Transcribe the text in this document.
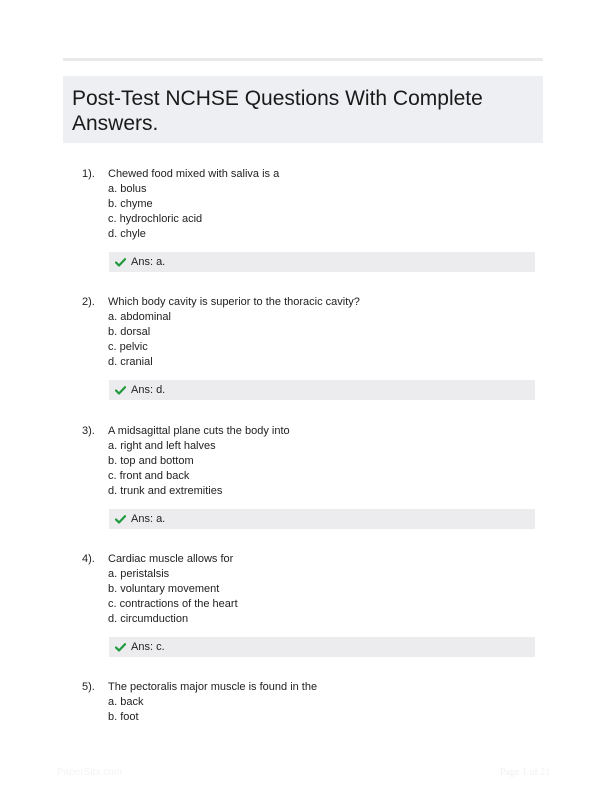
Post-Test NCHSE Questions With Complete Answers.
1). Chewed food mixed with saliva is a
a. bolus
b. chyme
c. hydrochloric acid
d. chyle
Ans: a.
2). Which body cavity is superior to the thoracic cavity?
a. abdominal
b. dorsal
c. pelvic
d. cranial
Ans: d.
3). A midsagittal plane cuts the body into
a. right and left halves
b. top and bottom
c. front and back
d. trunk and extremities
Ans: a.
4). Cardiac muscle allows for
a. peristalsis
b. voluntary movement
c. contractions of the heart
d. circumduction
Ans: c.
5). The pectoralis major muscle is found in the
a. back
b. foot
PaperSibi.com	Page 1 of 21
